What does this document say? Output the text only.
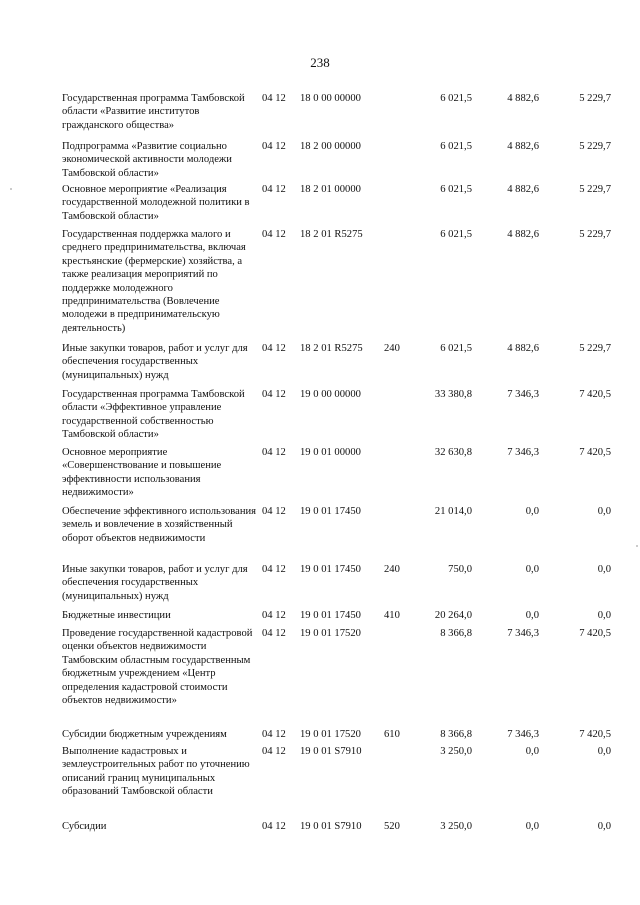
238
Государственная программа Тамбовской области «Развитие институтов гражданского общества»
04 12 18 0 00 00000	6 021,5	4 882,6	5 229,7
Подпрограмма «Развитие социально экономической активности молодежи Тамбовской области»
04 12 18 2 00 00000	6 021,5	4 882,6	5 229,7
Основное мероприятие «Реализация государственной молодежной политики в Тамбовской области»
04 12 18 2 01 00000	6 021,5	4 882,6	5 229,7
Государственная поддержка малого и среднего предпринимательства, включая крестьянские (фермерские) хозяйства, а также реализация мероприятий по поддержке молодежного предпринимательства (Вовлечение молодежи в предпринимательскую деятельность)
04 12 18 2 01 R5275	6 021,5	4 882,6	5 229,7
Иные закупки товаров, работ и услуг для обеспечения государственных (муниципальных) нужд
04 12 18 2 01 R5275 240	6 021,5	4 882,6	5 229,7
Государственная программа Тамбовской области «Эффективное управление государственной собственностью Тамбовской области»
04 12 19 0 00 00000	33 380,8	7 346,3	7 420,5
Основное мероприятие «Совершенствование и повышение эффективности использования недвижимости»
04 12 19 0 01 00000	32 630,8	7 346,3	7 420,5
Обеспечение эффективного использования земель и вовлечение в хозяйственный оборот объектов недвижимости
04 12 19 0 01 17450	21 014,0	0,0	0,0
Иные закупки товаров, работ и услуг для обеспечения государственных (муниципальных) нужд
04 12 19 0 01 17450 240	750,0	0,0	0,0
Бюджетные инвестиции	04 12 19 0 01 17450 410	20 264,0	0,0	0,0
Проведение государственной кадастровой оценки объектов недвижимости Тамбовским областным государственным бюджетным учреждением «Центр определения кадастровой стоимости объектов недвижимости»
04 12 19 0 01 17520	8 366,8	7 346,3	7 420,5
Субсидии бюджетным учреждениям	04 12 19 0 01 17520 610	8 366,8	7 346,3	7 420,5
Выполнение кадастровых и землеустроительных работ по уточнению описаний границ муниципальных образований Тамбовской области
04 12 19 0 01 S7910	3 250,0	0,0	0,0
Субсидии	04 12 19 0 01 S7910 520	3 250,0	0,0	0,0
